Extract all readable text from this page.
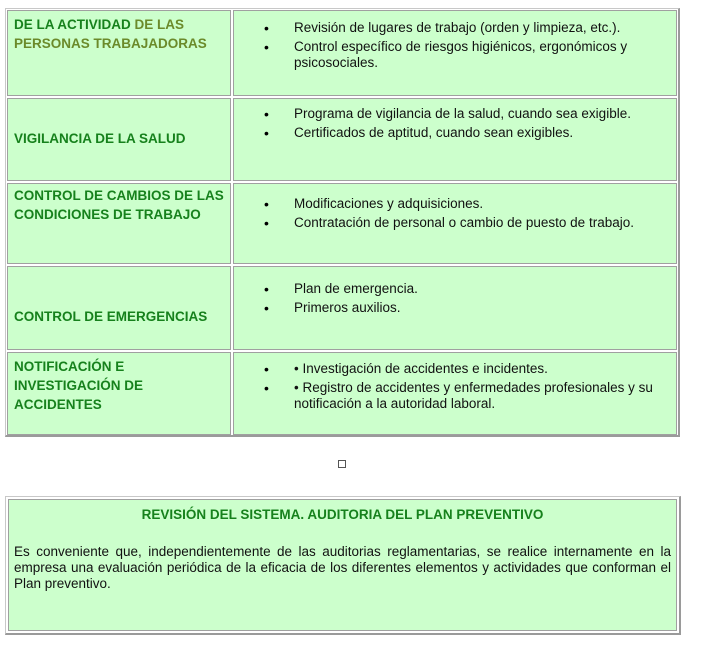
DE LA ACTIVIDAD DE LAS PERSONAS TRABAJADORAS
• Revisión de lugares de trabajo (orden y limpieza, etc.).
• Control específico de riesgos higiénicos, ergonómicos y psicosociales.
VIGILANCIA DE LA SALUD
• Programa de vigilancia de la salud, cuando sea exigible.
• Certificados de aptitud, cuando sean exigibles.
CONTROL DE CAMBIOS DE LAS CONDICIONES DE TRABAJO
• Modificaciones y adquisiciones.
• Contratación de personal o cambio de puesto de trabajo.
CONTROL DE EMERGENCIAS
• Plan de emergencia.
• Primeros auxilios.
NOTIFICACIÓN E INVESTIGACIÓN DE ACCIDENTES
• • Investigación de accidentes e incidentes.
• • Registro de accidentes y enfermedades profesionales y su notificación a la autoridad laboral.
REVISIÓN DEL SISTEMA. AUDITORIA DEL PLAN PREVENTIVO
Es conveniente que, independientemente de las auditorias reglamentarias, se realice internamente en la empresa una evaluación periódica de la eficacia de los diferentes elementos y actividades que conforman el Plan preventivo.
